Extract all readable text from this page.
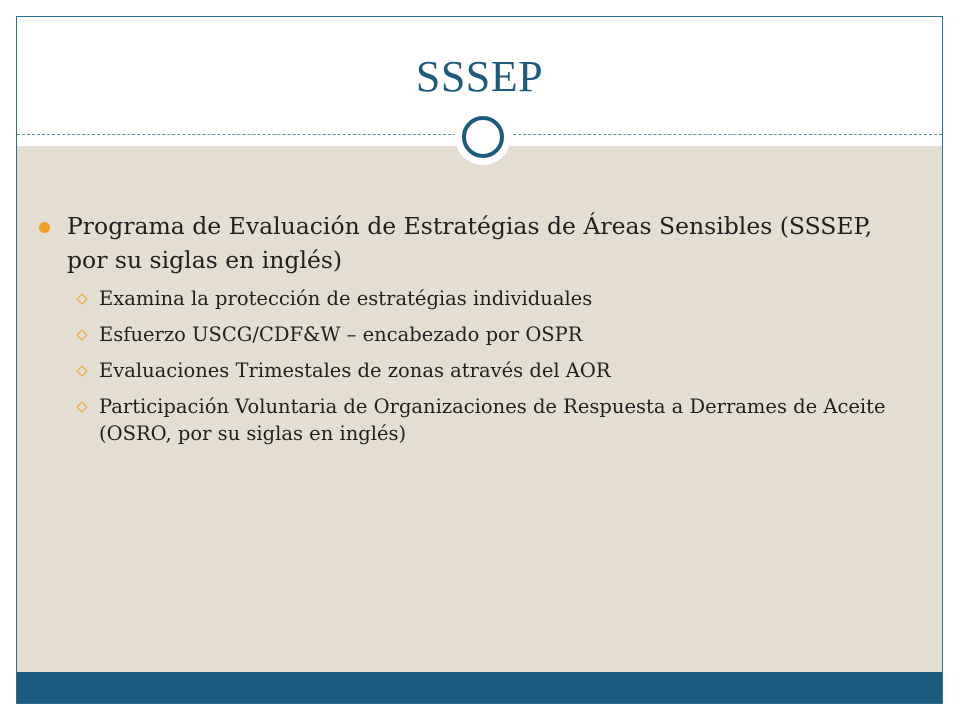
SSSEP
Programa de Evaluación de Estratégias de Áreas Sensibles (SSSEP, por su siglas en inglés)
Examina la protección de estratégias individuales
Esfuerzo USCG/CDF&W – encabezado por OSPR
Evaluaciones Trimestales de zonas através del AOR
Participación Voluntaria de Organizaciones de Respuesta a Derrames de Aceite (OSRO, por su siglas en inglés)
